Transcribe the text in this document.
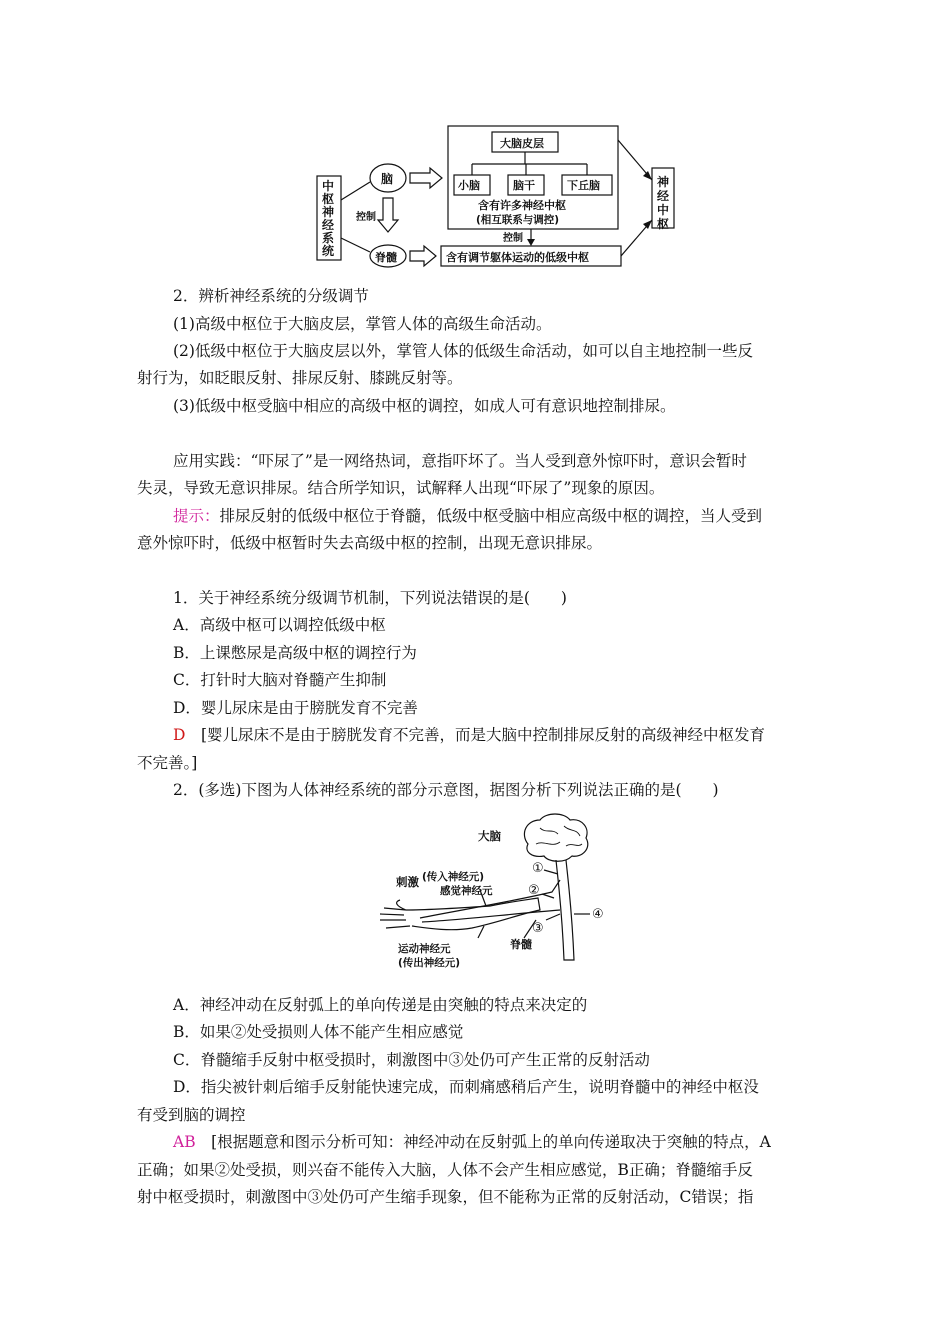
中 枢 神 经 系 统
脑
脊髓
控制
大脑皮层
小脑	脑干	下丘脑
含有许多神经中枢
(相互联系与调控)
控制
含有调节躯体运动的低级中枢
神 经 中 枢
2．辨析神经系统的分级调节
(1)高级中枢位于大脑皮层，掌管人体的高级生命活动。
(2)低级中枢位于大脑皮层以外，掌管人体的低级生命活动，如可以自主地控制一些反
射行为，如眨眼反射、排尿反射、膝跳反射等。
(3)低级中枢受脑中相应的高级中枢的调控，如成人可有意识地控制排尿。
应用实践：“吓尿了”是一网络热词，意指吓坏了。当人受到意外惊吓时，意识会暂时
失灵，导致无意识排尿。结合所学知识，试解释人出现“吓尿了”现象的原因。
提示：排尿反射的低级中枢位于脊髓，低级中枢受脑中相应高级中枢的调控，当人受到
意外惊吓时，低级中枢暂时失去高级中枢的控制，出现无意识排尿。
1．关于神经系统分级调节机制，下列说法错误的是(　　)
A．高级中枢可以调控低级中枢
B．上课憋尿是高级中枢的调控行为
C．打针时大脑对脊髓产生抑制
D．婴儿尿床是由于膀胱发育不完善
D　 [婴儿尿床不是由于膀胱发育不完善，而是大脑中控制排尿反射的高级神经中枢发育
不完善。]
2．(多选)下图为人体神经系统的部分示意图，据图分析下列说法正确的是(　　)
大脑
刺激 (传入神经元)
感觉神经元
运动神经元
(传出神经元)
脊髓
①
②
③
④
A．神经冲动在反射弧上的单向传递是由突触的特点来决定的
B．如果②处受损则人体不能产生相应感觉
C．脊髓缩手反射中枢受损时，刺激图中③处仍可产生正常的反射活动
D．指尖被针刺后缩手反射能快速完成，而刺痛感稍后产生，说明脊髓中的神经中枢没
有受到脑的调控
AB　 [根据题意和图示分析可知：神经冲动在反射弧上的单向传递取决于突触的特点，A
正确；如果②处受损，则兴奋不能传入大脑，人体不会产生相应感觉，B正确；脊髓缩手反
射中枢受损时，刺激图中③处仍可产生缩手现象，但不能称为正常的反射活动，C错误；指
